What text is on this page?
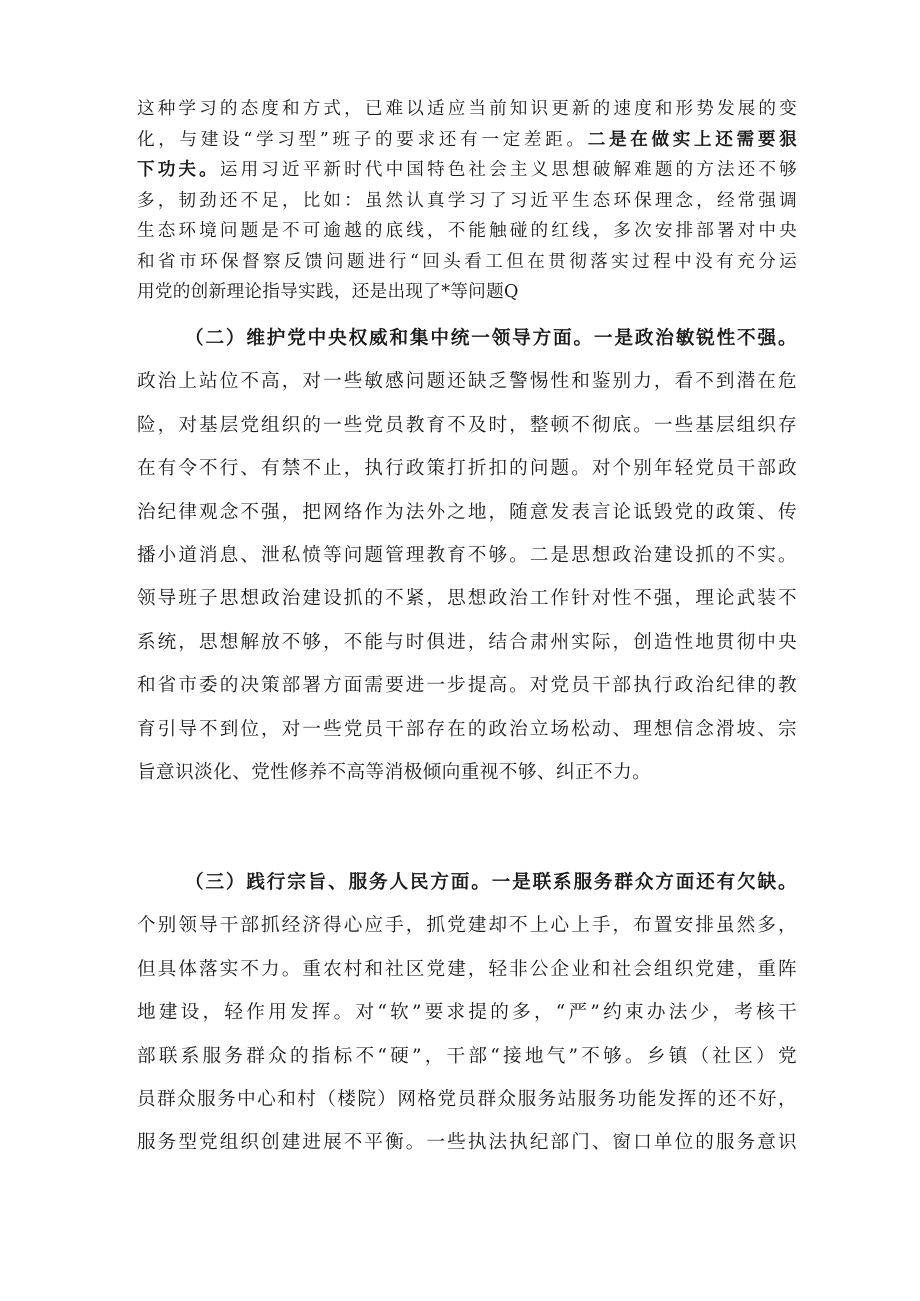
这种学习的态度和方式，已难以适应当前知识更新的速度和形势发展的变
化，与建设“学习型”班子的要求还有一定差距。二是在做实上还需要狠
下功夫。运用习近平新时代中国特色社会主义思想破解难题的方法还不够
多，韧劲还不足，比如：虽然认真学习了习近平生态环保理念，经常强调
生态环境问题是不可逾越的底线，不能触碰的红线，多次安排部署对中央
和省市环保督察反馈问题进行“回头看工但在贯彻落实过程中没有充分运
用党的创新理论指导实践，还是出现了*等问题Q
（二）维护党中央权威和集中统一领导方面。一是政治敏锐性不强。
政治上站位不高，对一些敏感问题还缺乏警惕性和鉴别力，看不到潜在危
险，对基层党组织的一些党员教育不及时，整顿不彻底。一些基层组织存
在有令不行、有禁不止，执行政策打折扣的问题。对个别年轻党员干部政
治纪律观念不强，把网络作为法外之地，随意发表言论诋毁党的政策、传
播小道消息、泄私愤等问题管理教育不够。二是思想政治建设抓的不实。
领导班子思想政治建设抓的不紧，思想政治工作针对性不强，理论武装不
系统，思想解放不够，不能与时俱进，结合肃州实际，创造性地贯彻中央
和省市委的决策部署方面需要进一步提高。对党员干部执行政治纪律的教
育引导不到位，对一些党员干部存在的政治立场松动、理想信念滑坡、宗
旨意识淡化、党性修养不高等消极倾向重视不够、纠正不力。
（三）践行宗旨、服务人民方面。一是联系服务群众方面还有欠缺。
个别领导干部抓经济得心应手，抓党建却不上心上手，布置安排虽然多，
但具体落实不力。重农村和社区党建，轻非公企业和社会组织党建，重阵
地建设，轻作用发挥。对“软”要求提的多，“严”约束办法少，考核干
部联系服务群众的指标不“硬”，干部“接地气”不够。乡镇（社区）党
员群众服务中心和村（楼院）网格党员群众服务站服务功能发挥的还不好，
服务型党组织创建进展不平衡。一些执法执纪部门、窗口单位的服务意识
